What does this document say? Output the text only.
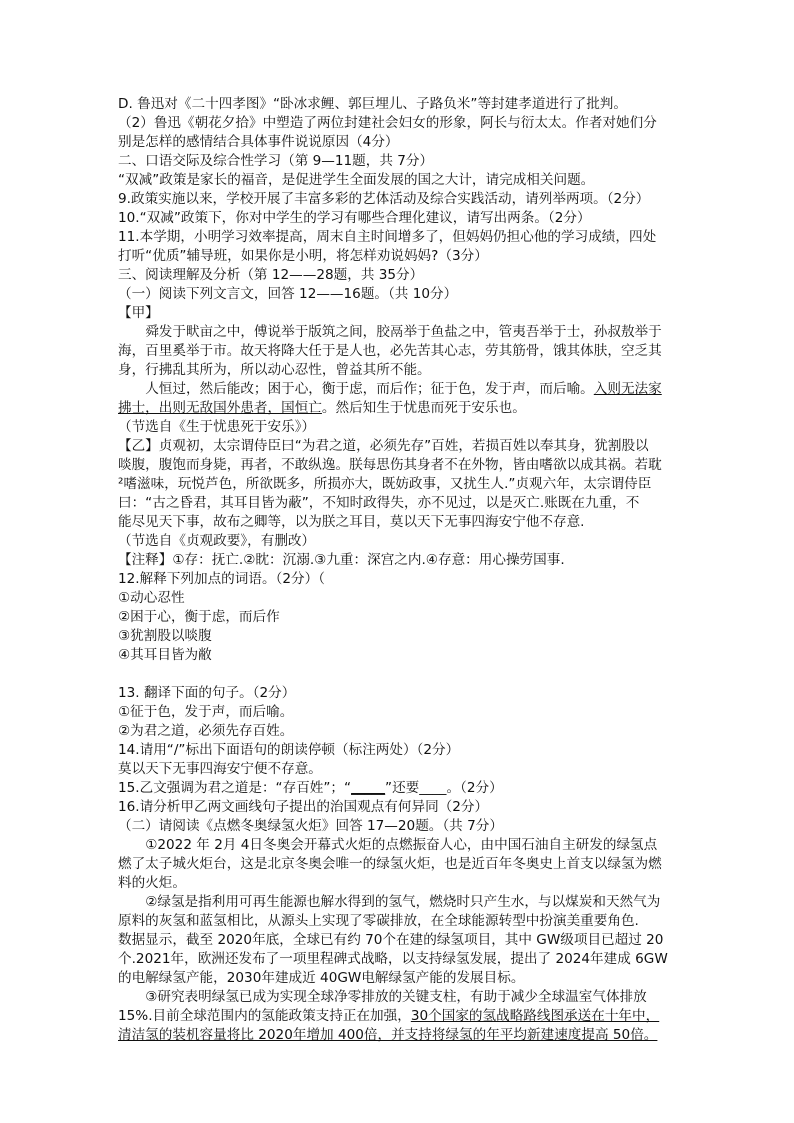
D. 鲁迅对《二十四孝图》“卧冰求鲤、郭巨埋儿、子路负米”等封建孝道进行了批判。

（2）鲁迅《朝花夕拾》中塑造了两位封建社会妇女的形象，阿长与衍太太。作者对她们分

别是怎样的感情结合具体事件说说原因（4分）

二、口语交际及综合性学习（第 9—11题，共 7分）

“双减”政策是家长的福音，是促进学生全面发展的国之大计，请完成相关问题。

9.政策实施以来，学校开展了丰富多彩的艺体活动及综合实践活动，请列举两项。（2分）

10.“双减”政策下，你对中学生的学习有哪些合理化建议，请写出两条。（2分）

11.本学期，小明学习效率提高，周末自主时间增多了，但妈妈仍担心他的学习成绩，四处

打听“优质”辅导班，如果你是小明，将怎样劝说妈妈?（3分）

三、阅读理解及分析（第 12——28题，共 35分）

（一）阅读下列文言文，回答 12——16题。（共 10分）

【甲】

舜发于畎亩之中，傅说举于版筑之间，胶鬲举于鱼盐之中，管夷吾举于士，孙叔敖举于

海，百里奚举于市。故天将降大任于是人也，必先苦其心志，劳其筋骨，饿其体肤，空乏其

身，行拂乱其所为，所以动心忍性，曾益其所不能。

人恒过，然后能改；困于心，衡于虑，而后作；征于色，发于声，而后喻。入则无法家

拂士，出则无敌国外患者，国恒亡。然后知生于忧患而死于安乐也。

（节选自《生于忧患死于安乐》）

【乙】贞观初，太宗谓侍臣曰“为君之道，必须先存”百姓，若损百姓以奉其身，犹割股以

啖腹，腹饱而身毙，再者，不敢纵逸。朕每思伤其身者不在外物，皆由嗜欲以成其祸。若耽

²嗜滋味，玩悦芦色，所欲既多，所损亦大，既妨政事，又扰生人.”贞观六年，太宗谓侍臣

曰：“古之昏君，其耳目皆为蔽”，不知时政得失，亦不见过，以是灭亡.账既在九重，不

能尽见天下事，故布之卿等，以为朕之耳目，莫以天下无事四海安宁他不存意.

（节选自《贞观政要》，有删改）

【注释】①存：抚亡.②眈：沉溺.③九重：深宫之内.④存意：用心操劳国事.

12.解释下列加点的词语。（2分）（

①动心忍性

②困于心，衡于虑，而后作

③犹割股以啖腹

④其耳目皆为敝

13. 翻译下面的句子。（2分）

①征于色，发于声，而后喻。

②为君之道，必须先存百姓。

14.请用“/”标出下面语句的朗读停顿（标注两处）（2分）

莫以天下无事四海安宁便不存意。

15.乙文强调为君之道是：“存百姓”；“_____”还要____。（2分）

16.请分析甲乙两文画线句子提出的治国观点有何异同（2分）

（二）请阅读《点燃冬奥绿氢火炬》回答 17—20题。（共 7分）

①2022 年 2月 4日冬奥会开幕式火炬的点燃振奋人心，由中国石油自主研发的绿氢点

燃了太子城火炬台，这是北京冬奥会唯一的绿氢火炬，也是近百年冬奥史上首支以绿氢为燃

料的火炬。

②绿氢是指利用可再生能源也解水得到的氢气，燃烧时只产生水，与以煤炭和天然气为

原料的灰氢和蓝氢相比，从源头上实现了零碳排放，在全球能源转型中扮演美重要角色.

数据显示，截至 2020年底，全球已有约 70个在建的绿氢项目，其中 GW级项目已超过 20

个.2021年，欧洲还发布了一项里程碑式战略，以支持绿氢发展，提出了 2024年建成 6GW

的电解绿氢产能，2030年建成近 40GW电解绿氢产能的发展目标。

③研究表明绿氢已成为实现全球净零排放的关键支柱，有助于减少全球温室气体排放

15%.目前全球范围内的氢能政策支持正在加强，30个国家的氢战略路线图承送在十年中，

清洁氢的装机容量将比 2020年增加 400倍，并支持将绿氢的年平均新建速度提高 50倍。
